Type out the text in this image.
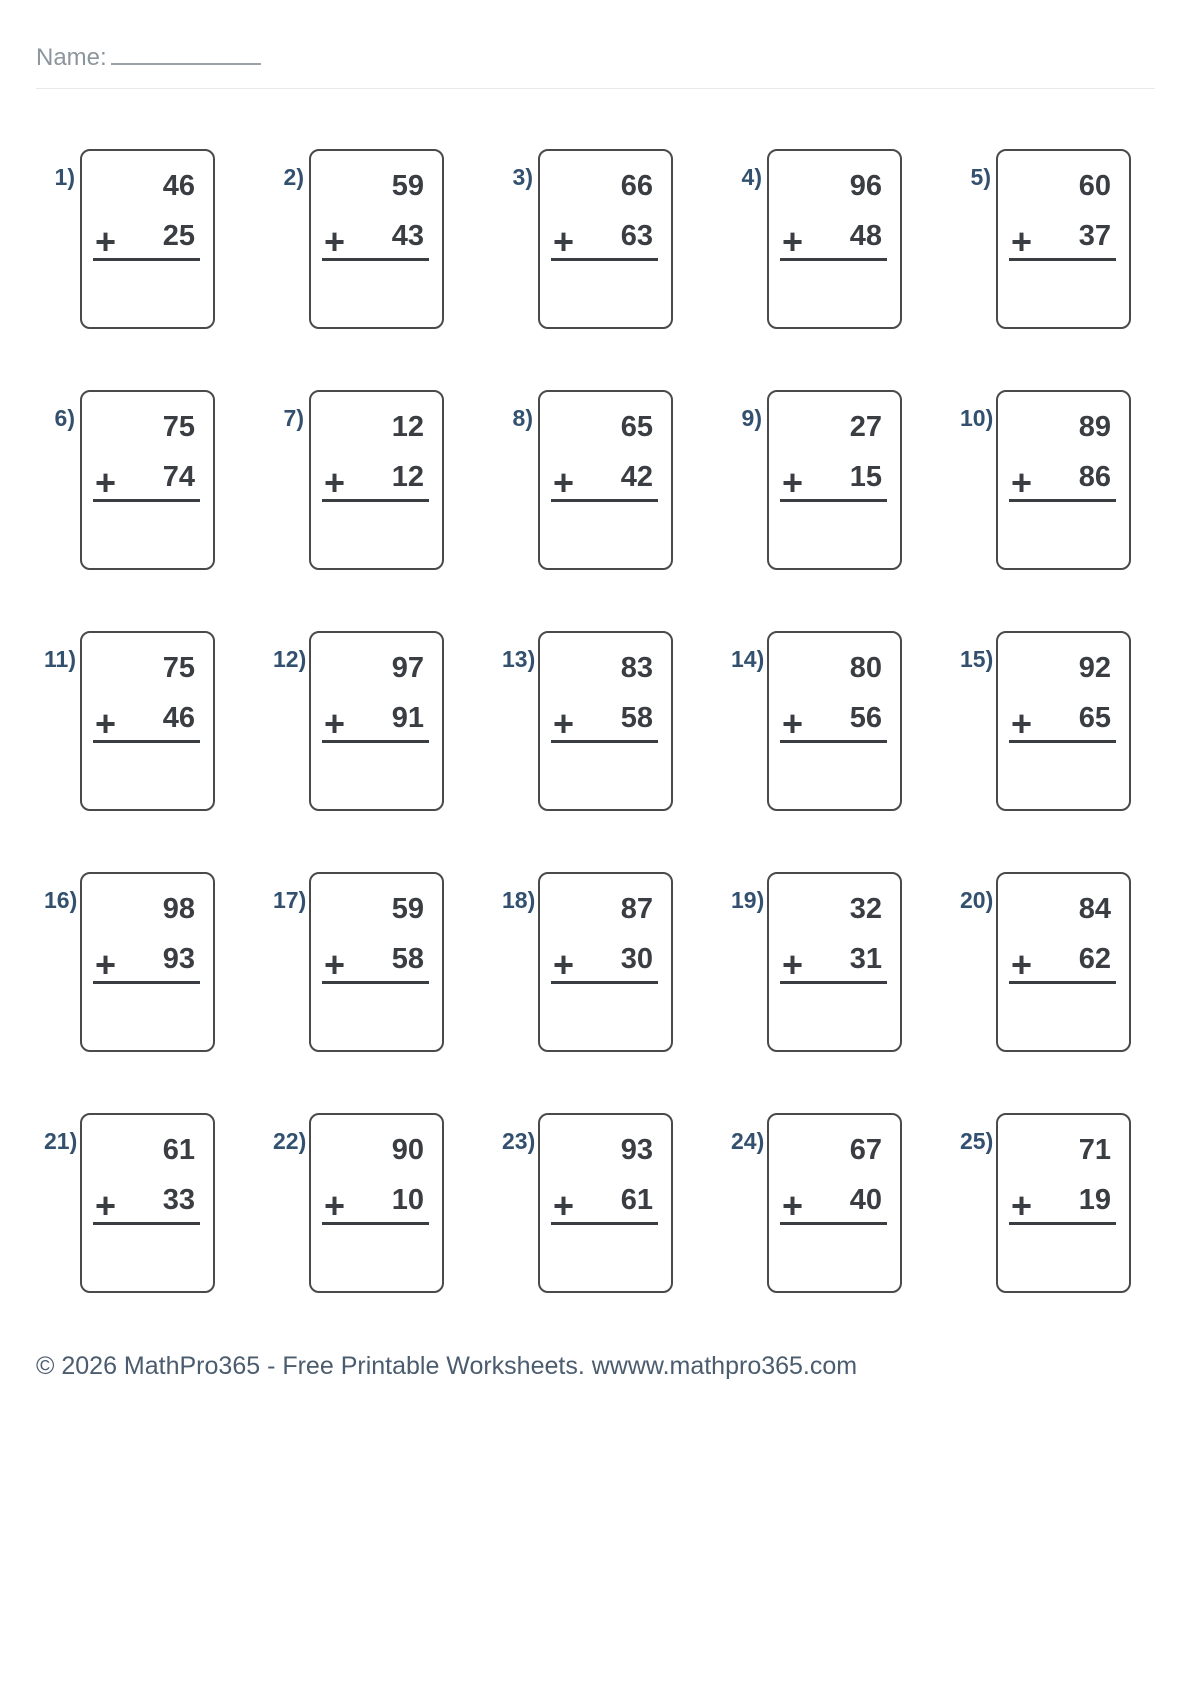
Name:
1)	46
+ 25
2)	59
+ 43
3)	66
+ 63
4)	96
+ 48
5)	60
+ 37
6)	75
+ 74
7)	12
+ 12
8)	65
+ 42
9)	27
+ 15
10)	89
+ 86
11)	75
+ 46
12)	97
+ 91
13)	83
+ 58
14)	80
+ 56
15)	92
+ 65
16)	98
+ 93
17)	59
+ 58
18)	87
+ 30
19)	32
+ 31
20)	84
+ 62
21)	61
+ 33
22)	90
+ 10
23)	93
+ 61
24)	67
+ 40
25)	71
+ 19
© 2026 MathPro365 - Free Printable Worksheets. wwww.mathpro365.com
